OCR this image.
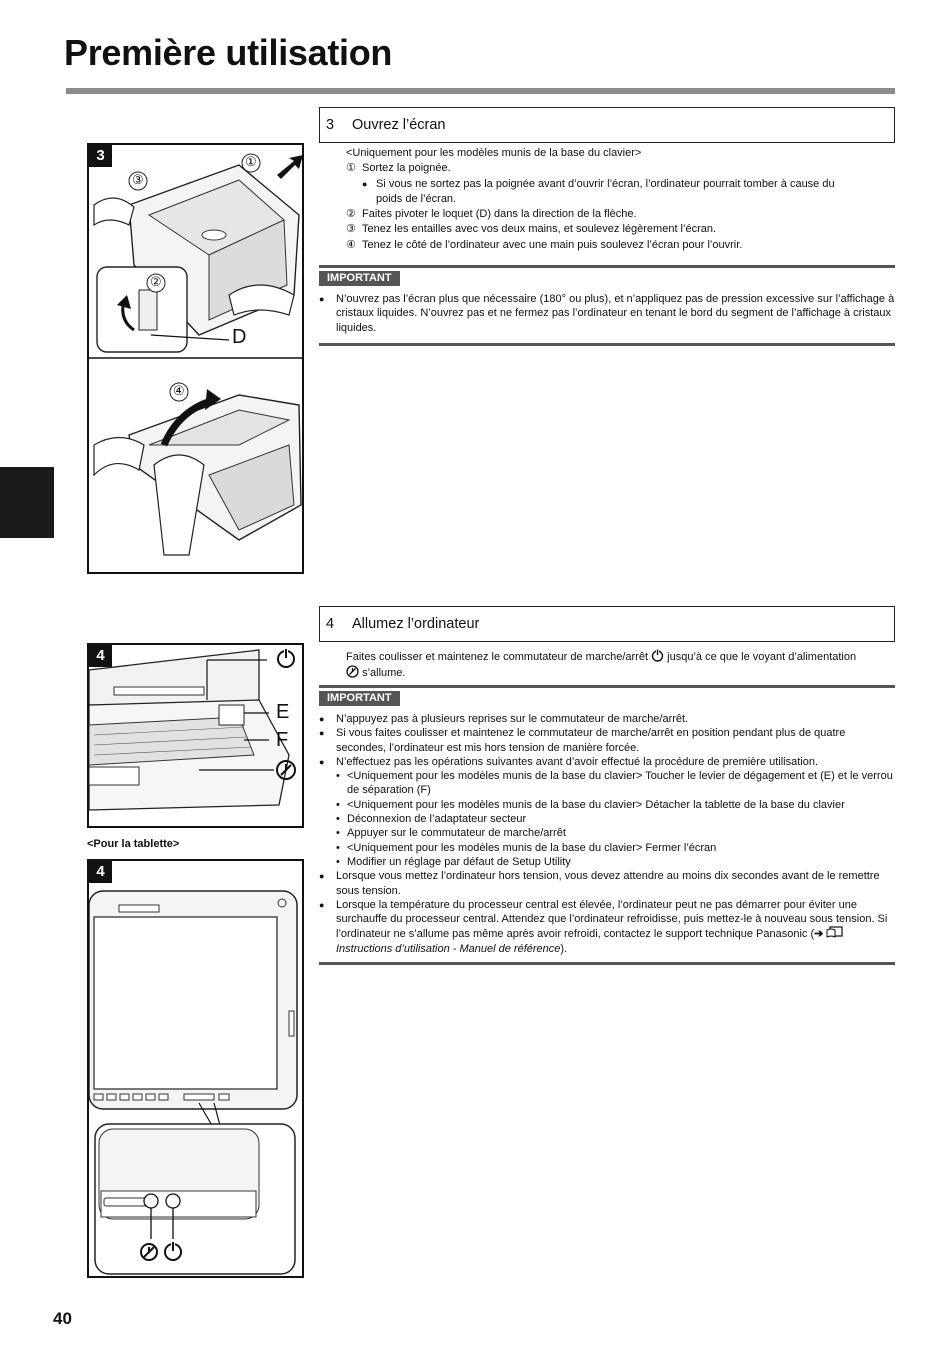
Première utilisation
3	①
③
②
D
④
3 Ouvrez l’écran

<Uniquement pour les modèles munis de la base du clavier>

① Sortez la poignée.

● Si vous ne sortez pas la poignée avant d’ouvrir l’écran, l’ordinateur pourrait tomber à cause du

poids de l’écran.

② Faites pivoter le loquet (D) dans la direction de la flèche.

③ Tenez les entailles avec vos deux mains, et soulevez légèrement l’écran.

④ Tenez le côté de l’ordinateur avec une main puis soulevez l’écran pour l’ouvrir.

IMPORTANT
● N’ouvrez pas l’écran plus que nécessaire (180° ou plus), et n’appliquez pas de pression excessive sur l’affichage à cristaux liquides. N’ouvrez pas et ne fermez pas l’ordinateur en tenant le bord du segment de l’affichage à cristaux liquides.
4
E
F
<Pour la tablette>
4
4 Allumez l’ordinateur
Faites coulisser et maintenez le commutateur de marche/arrêt jusqu’à ce que le voyant d’alimentation
s’allume.
IMPORTANT
● N’appuyez pas à plusieurs reprises sur le commutateur de marche/arrêt.
● Si vous faites coulisser et maintenez le commutateur de marche/arrêt en position pendant plus de quatre secondes, l’ordinateur est mis hors tension de manière forcée.
● N’effectuez pas les opérations suivantes avant d’avoir effectué la procédure de première utilisation.
• <Uniquement pour les modèles munis de la base du clavier> Toucher le levier de dégagement et (E) et le verrou de séparation (F)
• <Uniquement pour les modèles munis de la base du clavier> Détacher la tablette de la base du clavier
• Déconnexion de l’adaptateur secteur
• Appuyer sur le commutateur de marche/arrêt
• <Uniquement pour les modèles munis de la base du clavier> Fermer l’écran
• Modifier un réglage par défaut de Setup Utility
● Lorsque vous mettez l’ordinateur hors tension, vous devez attendre au moins dix secondes avant de le remettre sous tension.
● Lorsque la température du processeur central est élevée, l’ordinateur peut ne pas démarrer pour éviter une surchauffe du processeur central. Attendez que l’ordinateur refroidisse, puis mettez-le à nouveau sous tension. Si l’ordinateur ne s’allume pas même après avoir refroidi, contactez le support technique Panasonic (➔  Instructions d’utilisation - Manuel de référence).
40
